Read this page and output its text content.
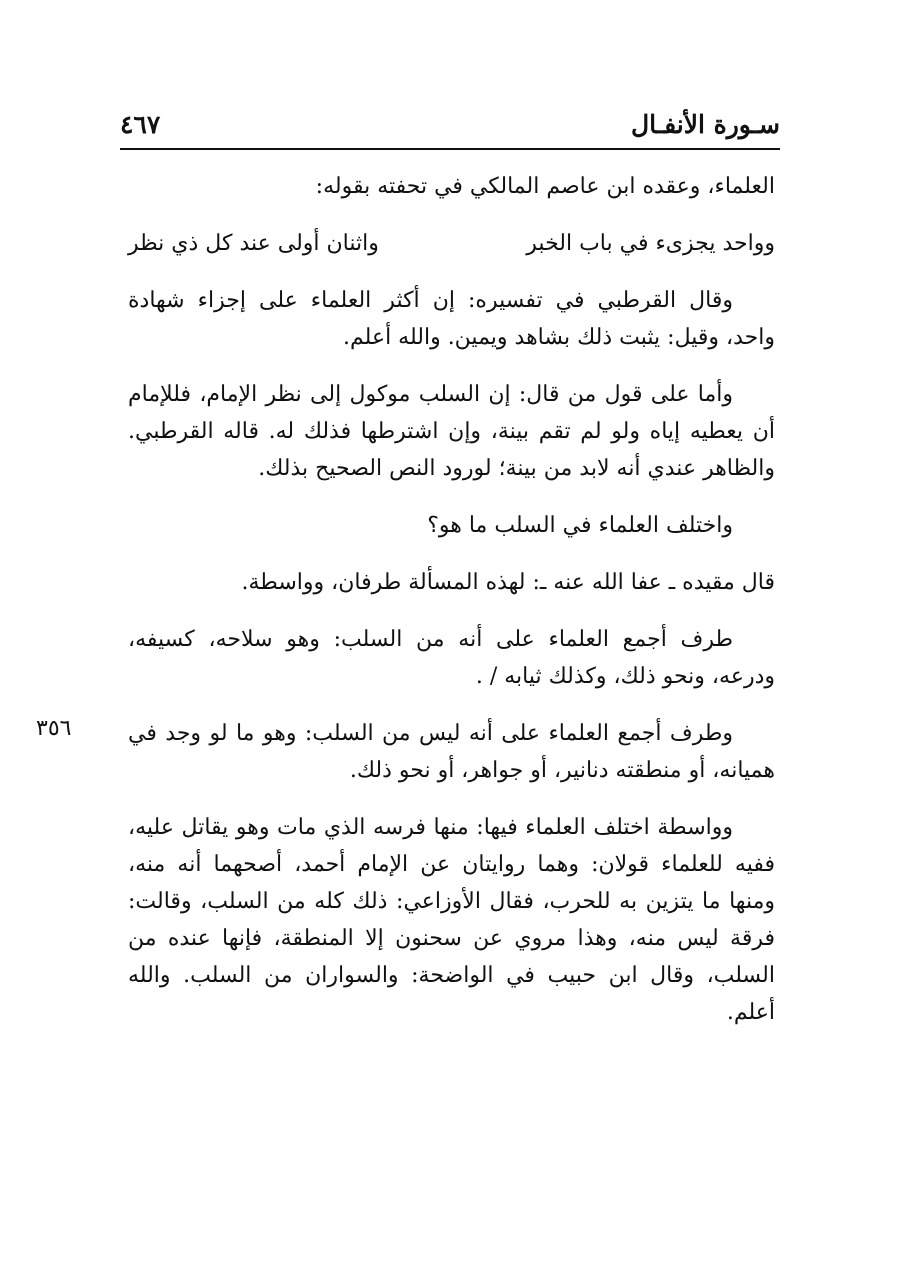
سـورة الأنفـال
٤٦٧
٣٥٦

العلماء، وعقده ابن عاصم المالكي في تحفته بقوله:

وواحد يجزىء في باب الخبر
واثنان أولى عند كل ذي نظر

وقال القرطبي في تفسيره: إن أكثر العلماء على إجزاء شهادة واحد، وقيل: يثبت ذلك بشاهد ويمين. والله أعلم.

وأما على قول من قال: إن السلب موكول إلى نظر الإمام، فللإمام أن يعطيه إياه ولو لم تقم بينة، وإن اشترطها فذلك له. قاله القرطبي. والظاهر عندي أنه لابد من بينة؛ لورود النص الصحيح بذلك.

واختلف العلماء في السلب ما هو؟

قال مقيده ـ عفا الله عنه ـ: لهذه المسألة طرفان، وواسطة.

طرف أجمع العلماء على أنه من السلب: وهو سلاحه، كسيفه، ودرعه، ونحو ذلك، وكذلك ثيابه / .

وطرف أجمع العلماء على أنه ليس من السلب: وهو ما لو وجد في هميانه، أو منطقته دنانير، أو جواهر، أو نحو ذلك.

وواسطة اختلف العلماء فيها: منها فرسه الذي مات وهو يقاتل عليه، ففيه للعلماء قولان: وهما روايتان عن الإمام أحمد، أصحهما أنه منه، ومنها ما يتزين به للحرب، فقال الأوزاعي: ذلك كله من السلب، وقالت: فرقة ليس منه، وهذا مروي عن سحنون إلا المنطقة، فإنها عنده من السلب، وقال ابن حبيب في الواضحة: والسواران من السلب. والله أعلم.
